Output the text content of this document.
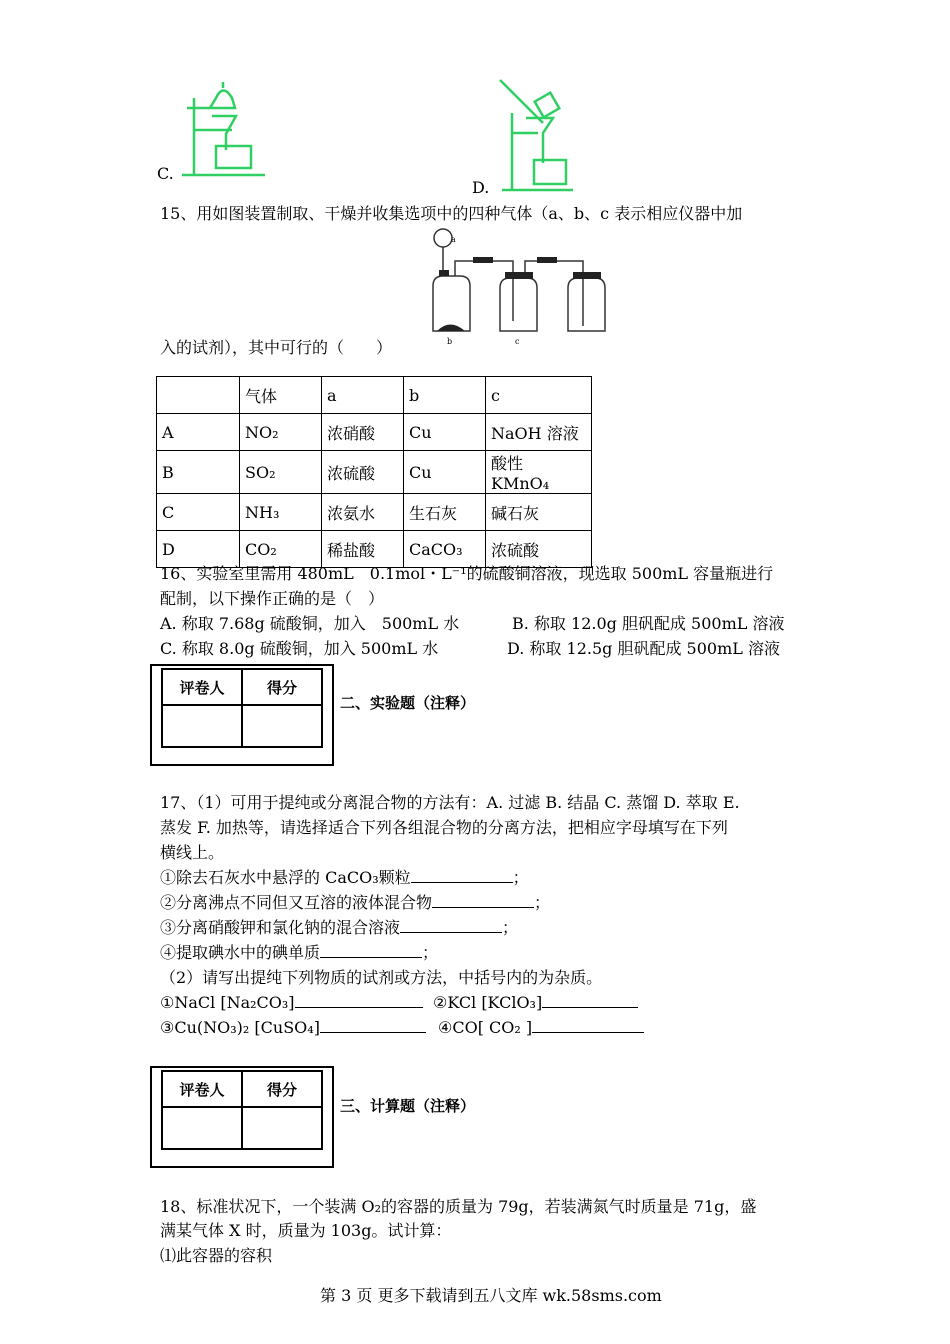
C.
D.
15、用如图装置制取、干燥并收集选项中的四种气体（a、b、c 表示相应仪器中加
b	c
a
入的试剂），其中可行的（　　）
	气体	a	b	c
A	NO₂	浓硝酸	Cu	NaOH 溶液
B	SO₂	浓硫酸	Cu	酸性 KMnO₄
C	NH₃	浓氨水	生石灰	碱石灰
D	CO₂	稀盐酸	CaCO₃	浓硫酸
16、实验室里需用 480mL　0.1mol・L⁻¹的硫酸铜溶液，现选取 500mL 容量瓶进行
配制，以下操作正确的是（　）
A. 称取 7.68g 硫酸铜，加入　500mL 水	B. 称取 12.0g 胆矾配成 500mL 溶液
C. 称取 8.0g 硫酸铜，加入 500mL 水	D. 称取 12.5g 胆矾配成 500mL 溶液
评卷人	得分

二、实验题（注释）
17、（1）可用于提纯或分离混合物的方法有：A. 过滤 B. 结晶 C. 蒸馏 D. 萃取 E.
蒸发 F. 加热等，请选择适合下列各组混合物的分离方法，把相应字母填写在下列
横线上。
①除去石灰水中悬浮的 CaCO₃颗粒	；
②分离沸点不同但又互溶的液体混合物	；
③分离硝酸钾和氯化钠的混合溶液	；
④提取碘水中的碘单质	；
（2）请写出提纯下列物质的试剂或方法，中括号内的为杂质。
①NaCl [Na₂CO₃]	②KCl [KClO₃]
③Cu(NO₃)₂ [CuSO₄]	④CO[ CO₂ ]
评卷人	得分

三、计算题（注释）
18、标准状况下，一个装满 O₂的容器的质量为 79g，若装满氮气时质量是 71g，盛
满某气体 X 时，质量为 103g。试计算：
⑴此容器的容积
第 3 页 更多下载请到五八文库 wk.58sms.com
